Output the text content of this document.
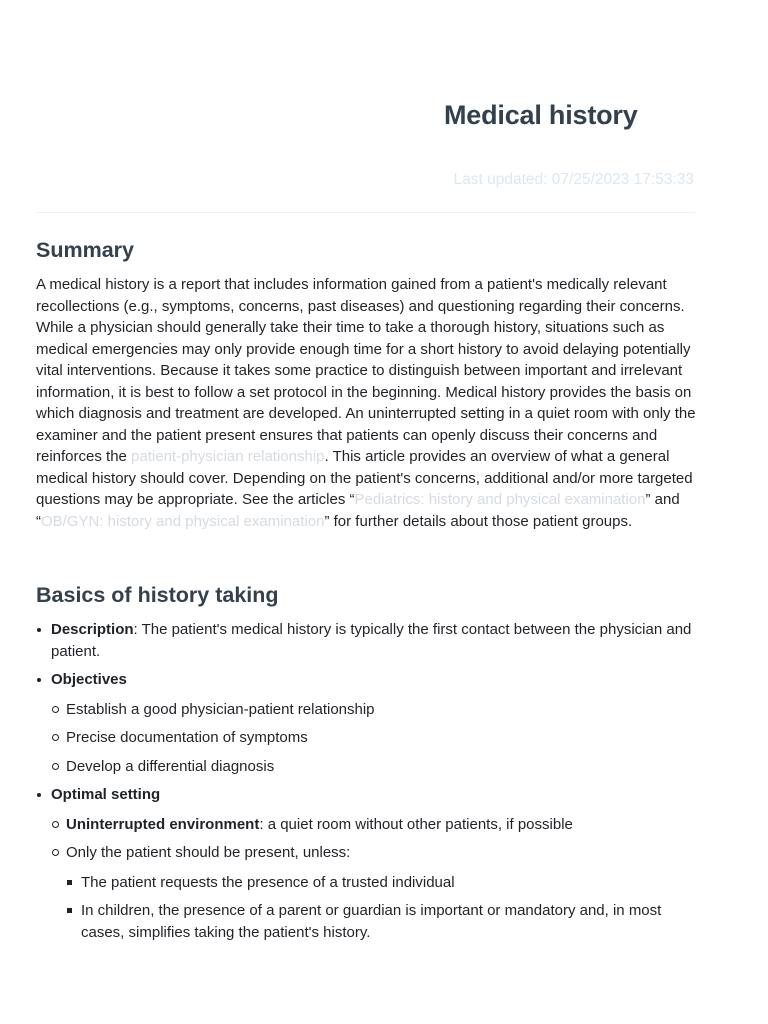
Medical history

Last updated: 07/25/2023 17:53:33

Summary

A medical history is a report that includes information gained from a patient's medically relevant recollections (e.g., symptoms, concerns, past diseases) and questioning regarding their concerns. While a physician should generally take their time to take a thorough history, situations such as medical emergencies may only provide enough time for a short history to avoid delaying potentially vital interventions. Because it takes some practice to distinguish between important and irrelevant information, it is best to follow a set protocol in the beginning. Medical history provides the basis on which diagnosis and treatment are developed. An uninterrupted setting in a quiet room with only the examiner and the patient present ensures that patients can openly discuss their concerns and reinforces the patient-physician relationship. This article provides an overview of what a general medical history should cover. Depending on the patient's concerns, additional and/or more targeted questions may be appropriate. See the articles “Pediatrics: history and physical examination” and “OB/GYN: history and physical examination” for further details about those patient groups.

Basics of history taking
Description: The patient's medical history is typically the first contact between the physician and patient.
Objectives
Establish a good physician-patient relationship
Precise documentation of symptoms
Develop a differential diagnosis
Optimal setting
Uninterrupted environment: a quiet room without other patients, if possible
Only the patient should be present, unless:
The patient requests the presence of a trusted individual
In children, the presence of a parent or guardian is important or mandatory and, in most cases, simplifies taking the patient's history.
